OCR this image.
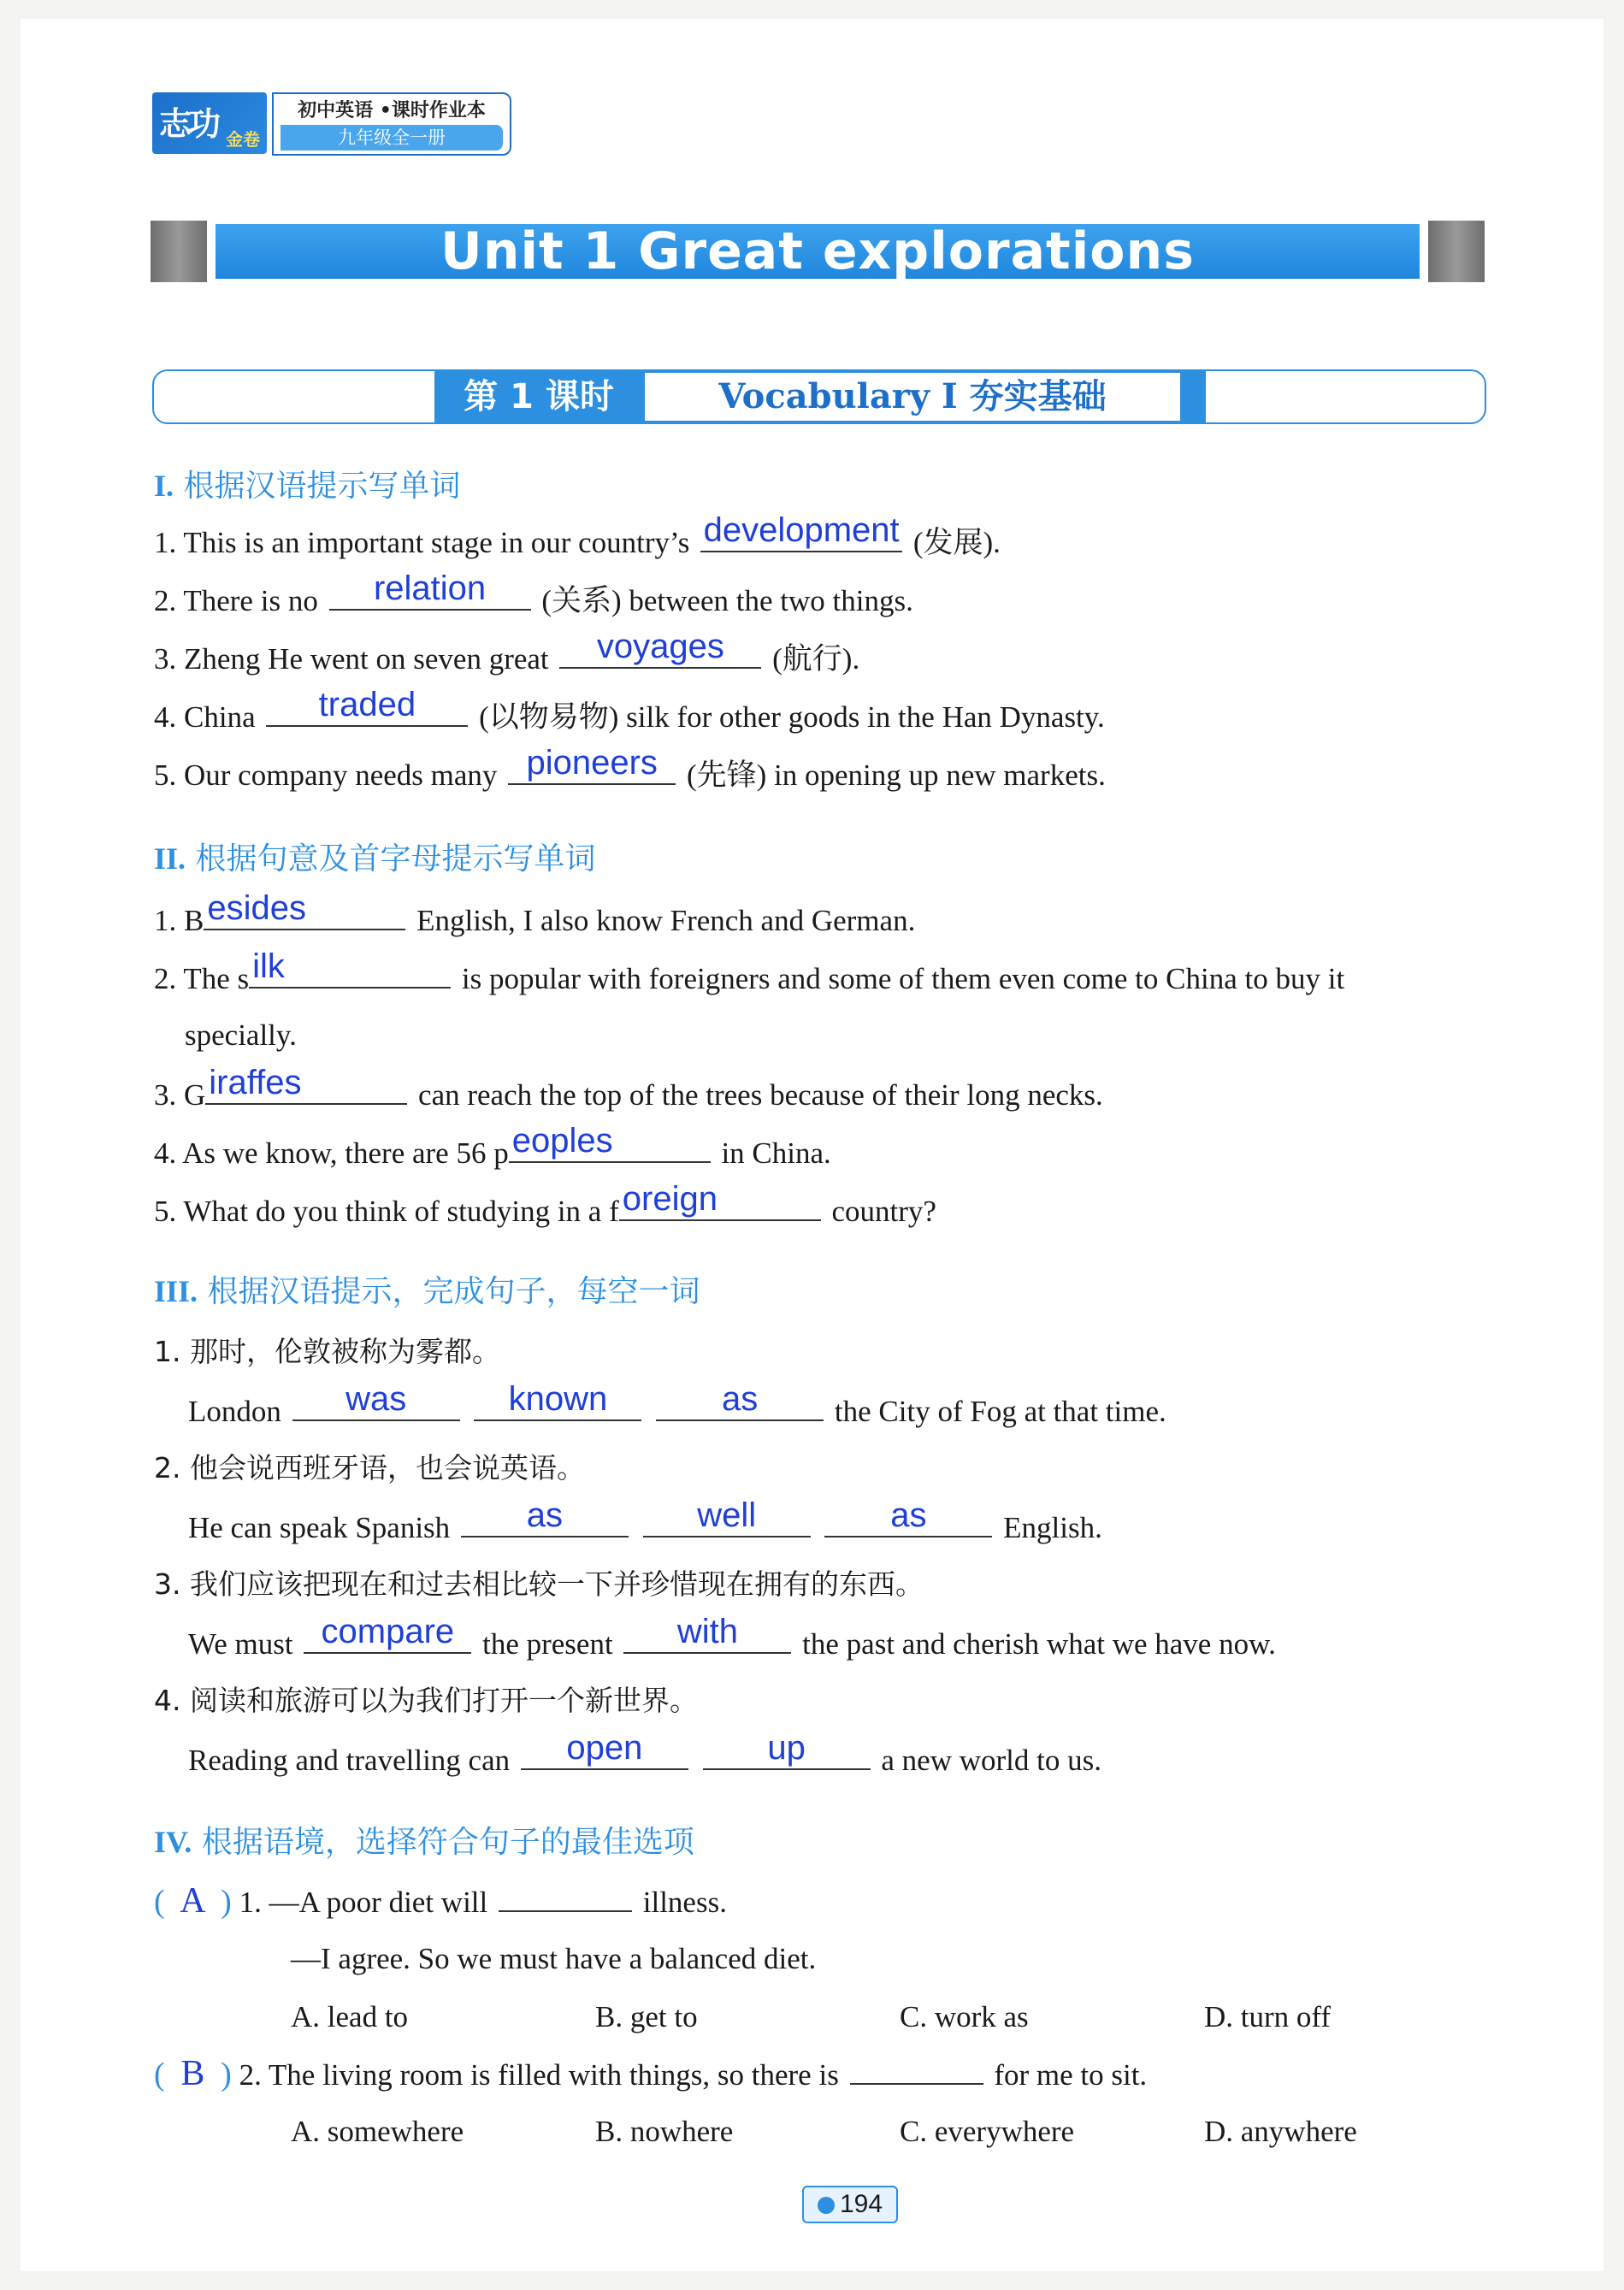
志功 金卷
初中英语 •课时作业本
九年级全一册
Unit 1 Great explorations
第 1 课时	Vocabulary I 夯实基础
I. 根据汉语提示写单词
1. This is an important stage in our country’s development (发展).
2. There is no	relation	(关系) between the two things.
3. Zheng He went on seven great	voyages	(航行).
4. China	traded	(以物易物) silk for other goods in the Han Dynasty.
5. Our company needs many pioneers (先锋) in opening up new markets.
II. 根据句意及首字母提示写单词
1. B esides	English, I also know French and German.
2. The s ilk	is popular with foreigners and some of them even come to China to buy it
specially.
3. G iraffes	can reach the top of the trees because of their long necks.
4. As we know, there are 56 p eoples	in China.
5. What do you think of studying in a f oreign	country?
III. 根据汉语提示，完成句子，每空一词
1. 那时，伦敦被称为雾都。
London	was
	known
	as	the City of Fog at that time.
2. 他会说西班牙语，也会说英语。
He can speak Spanish	as
	well
	as	English.
3. 我们应该把现在和过去相比较一下并珍惜现在拥有的东西。
We must compare the present	with	the past and cherish what we have now.
4. 阅读和旅游可以为我们打开一个新世界。
Reading and travelling can	open
	up	a new world to us.
IV. 根据语境，选择符合句子的最佳选项
( A ) 1. —A poor diet will	illness.
—I agree. So we must have a balanced diet.
A. lead to	B. get to	C. work as	D. turn off
( B ) 2. The living room is filled with things, so there is	for me to sit.
A. somewhere	B. nowhere	C. everywhere	D. anywhere
194
